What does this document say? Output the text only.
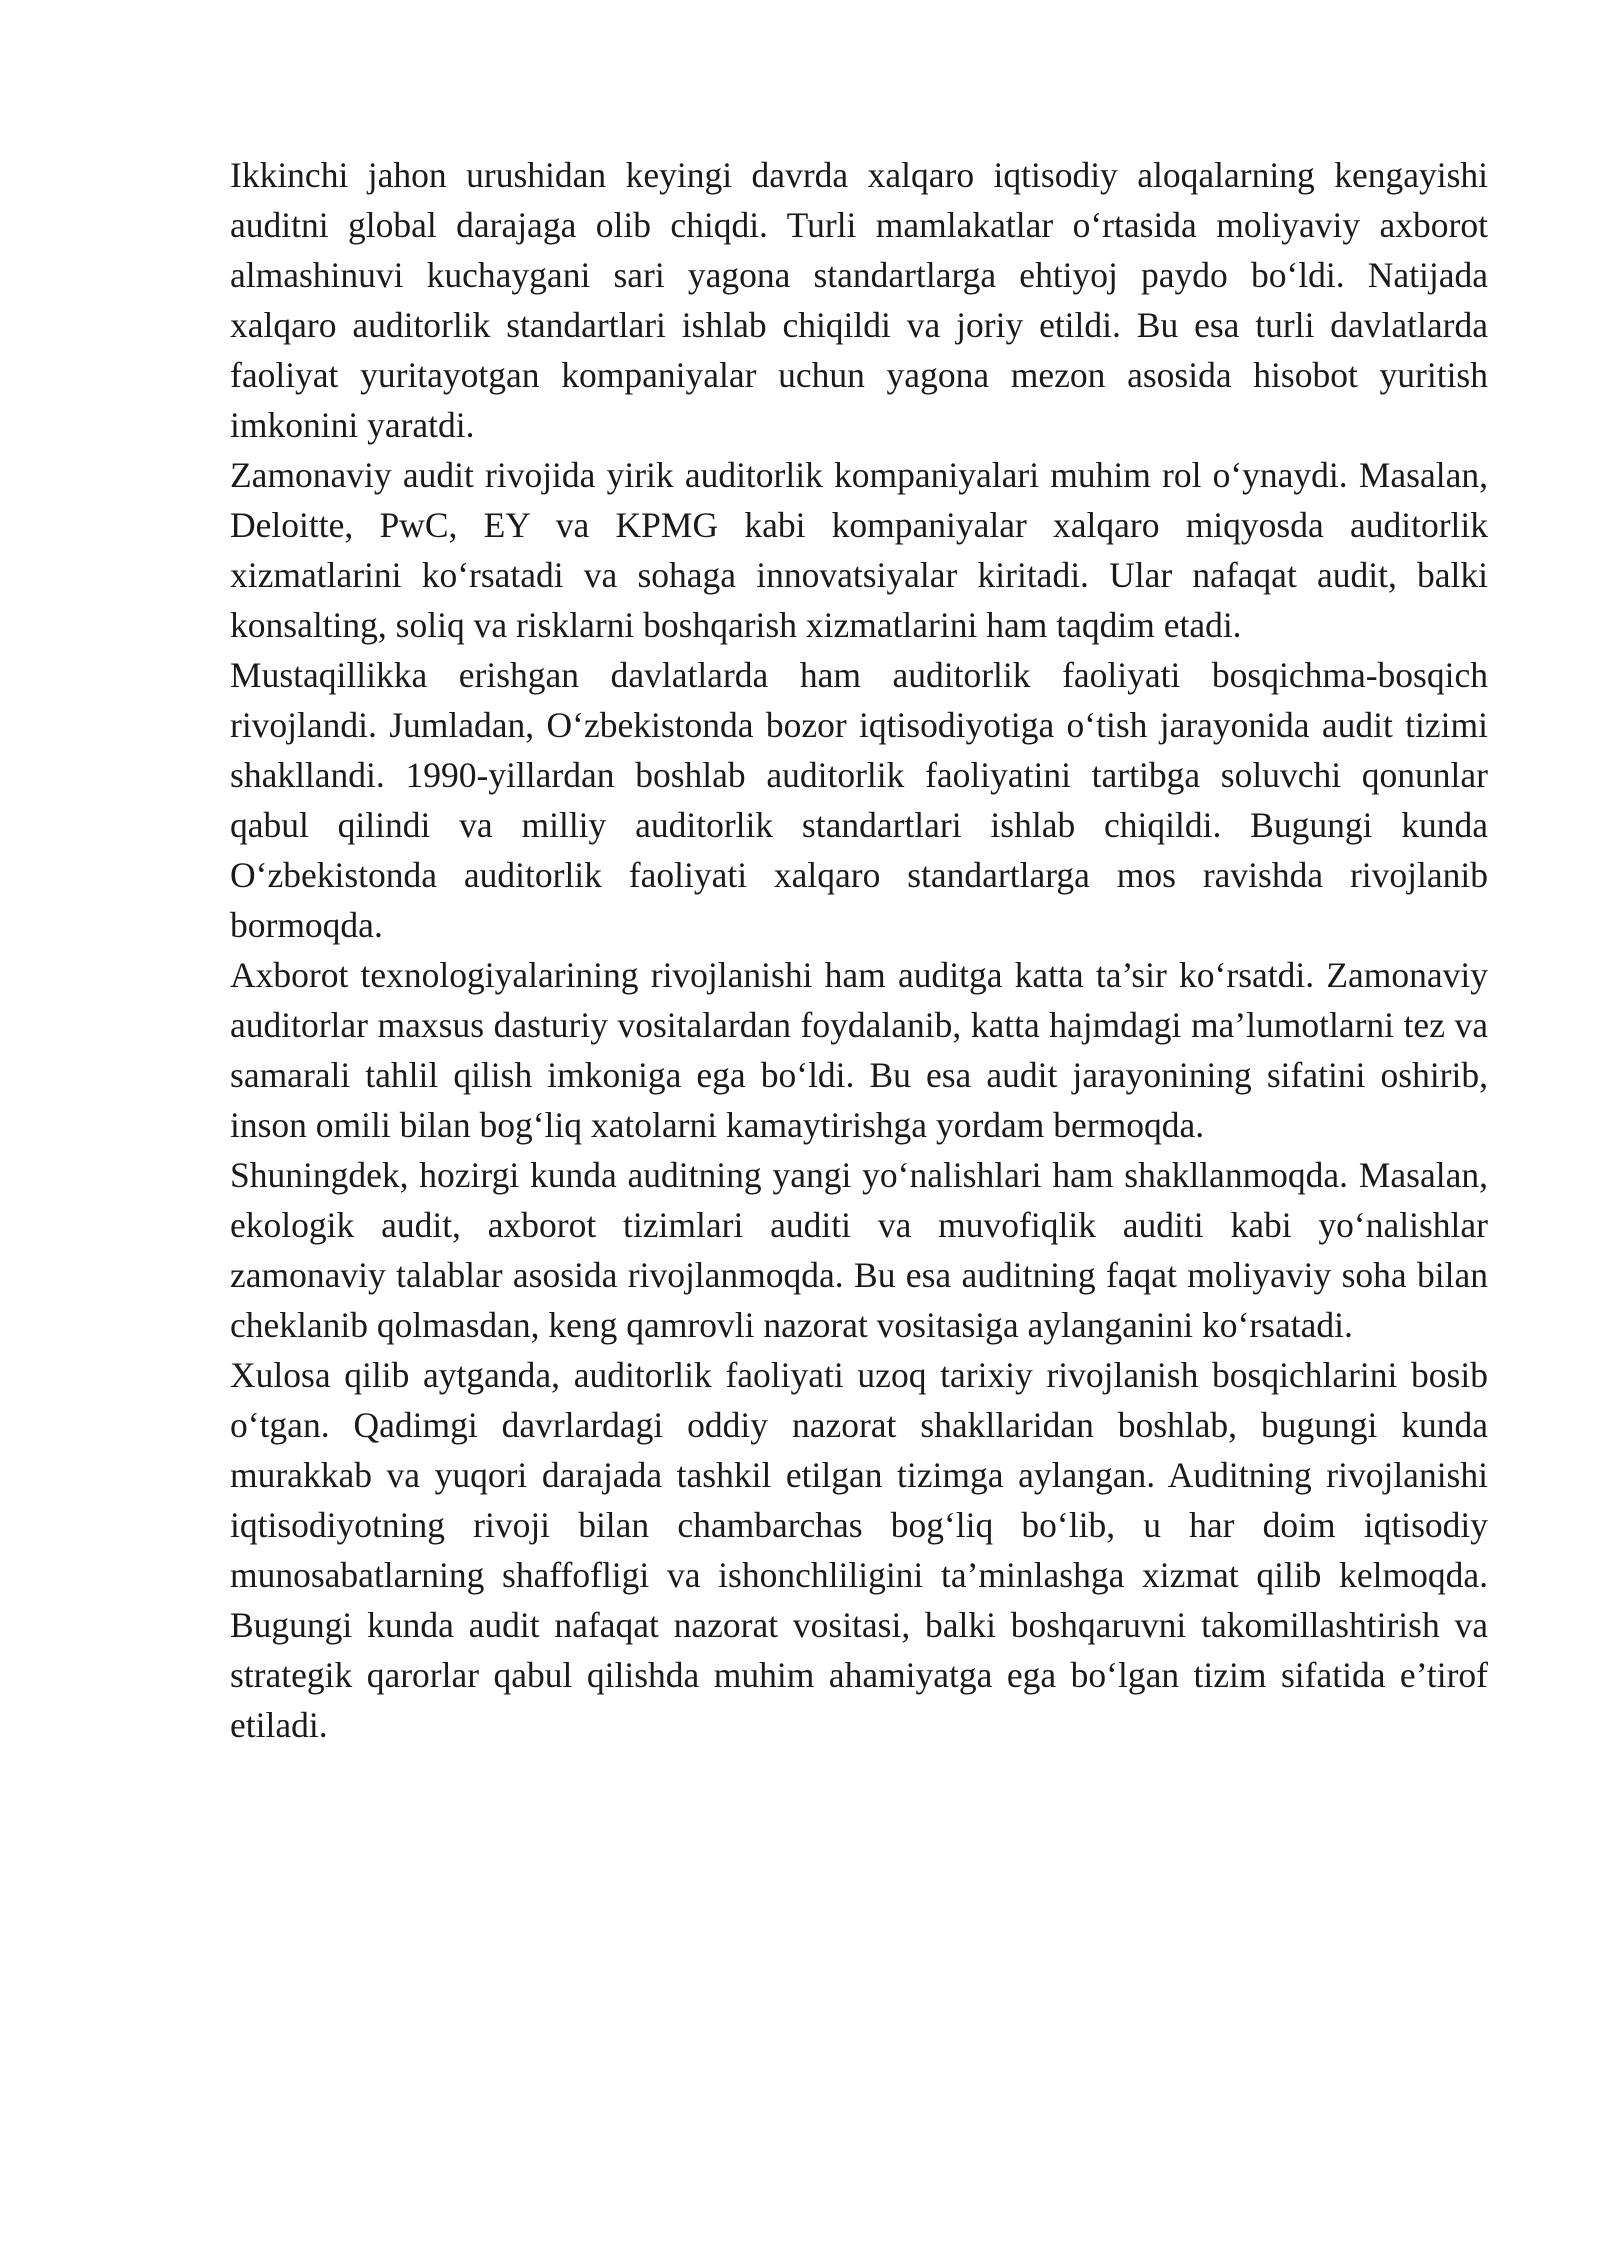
Ikkinchi jahon urushidan keyingi davrda xalqaro iqtisodiy aloqalarning kengayishi auditni global darajaga olib chiqdi. Turli mamlakatlar o‘rtasida moliyaviy axborot almashinuvi kuchaygani sari yagona standartlarga ehtiyoj paydo bo‘ldi. Natijada xalqaro auditorlik standartlari ishlab chiqildi va joriy etildi. Bu esa turli davlatlarda faoliyat yuritayotgan kompaniyalar uchun yagona mezon asosida hisobot yuritish imkonini yaratdi.

Zamonaviy audit rivojida yirik auditorlik kompaniyalari muhim rol o‘ynaydi. Masalan, Deloitte, PwC, EY va KPMG kabi kompaniyalar xalqaro miqyosda auditorlik xizmatlarini ko‘rsatadi va sohaga innovatsiyalar kiritadi. Ular nafaqat audit, balki konsalting, soliq va risklarni boshqarish xizmatlarini ham taqdim etadi.

Mustaqillikka erishgan davlatlarda ham auditorlik faoliyati bosqichma-bosqich rivojlandi. Jumladan, O‘zbekistonda bozor iqtisodiyotiga o‘tish jarayonida audit tizimi shakllandi. 1990-yillardan boshlab auditorlik faoliyatini tartibga soluvchi qonunlar qabul qilindi va milliy auditorlik standartlari ishlab chiqildi. Bugungi kunda O‘zbekistonda auditorlik faoliyati xalqaro standartlarga mos ravishda rivojlanib bormoqda.

Axborot texnologiyalarining rivojlanishi ham auditga katta ta’sir ko‘rsatdi. Zamonaviy auditorlar maxsus dasturiy vositalardan foydalanib, katta hajmdagi ma’lumotlarni tez va samarali tahlil qilish imkoniga ega bo‘ldi. Bu esa audit jarayonining sifatini oshirib, inson omili bilan bog‘liq xatolarni kamaytirishga yordam bermoqda.

Shuningdek, hozirgi kunda auditning yangi yo‘nalishlari ham shakllanmoqda. Masalan, ekologik audit, axborot tizimlari auditi va muvofiqlik auditi kabi yo‘nalishlar zamonaviy talablar asosida rivojlanmoqda. Bu esa auditning faqat moliyaviy soha bilan cheklanib qolmasdan, keng qamrovli nazorat vositasiga aylanganini ko‘rsatadi.

Xulosa qilib aytganda, auditorlik faoliyati uzoq tarixiy rivojlanish bosqichlarini bosib o‘tgan. Qadimgi davrlardagi oddiy nazorat shakllaridan boshlab, bugungi kunda murakkab va yuqori darajada tashkil etilgan tizimga aylangan. Auditning rivojlanishi iqtisodiyotning rivoji bilan chambarchas bog‘liq bo‘lib, u har doim iqtisodiy munosabatlarning shaffofligi va ishonchliligini ta’minlashga xizmat qilib kelmoqda. Bugungi kunda audit nafaqat nazorat vositasi, balki boshqaruvni takomillashtirish va strategik qarorlar qabul qilishda muhim ahamiyatga ega bo‘lgan tizim sifatida e’tirof etiladi.
